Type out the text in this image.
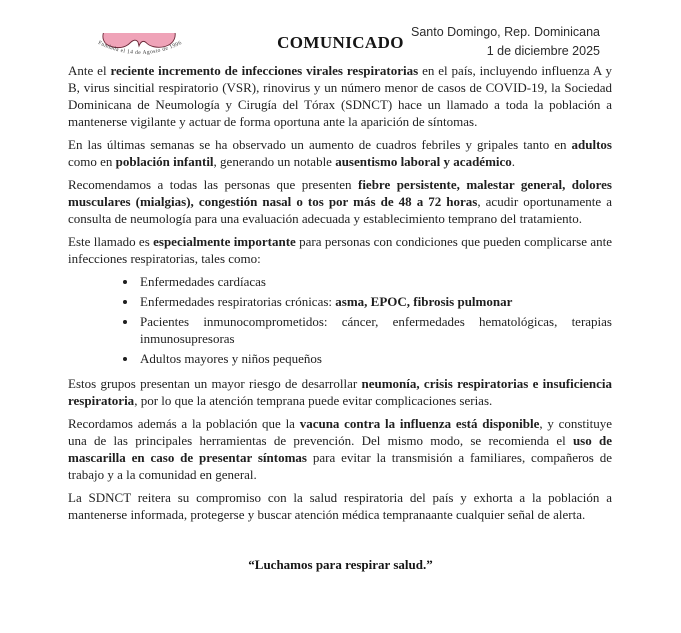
Fundada el 14 de Agosto de 1996
Santo Domingo, Rep. Dominicana
1 de diciembre 2025
COMUNICADO

Ante el reciente incremento de infecciones virales respiratorias en el país, incluyendo influenza A y B, virus sincitial respiratorio (VSR), rinovirus y un número menor de casos de COVID-19, la Sociedad Dominicana de Neumología y Cirugía del Tórax (SDNCT) hace un llamado a toda la población a mantenerse vigilante y actuar de forma oportuna ante la aparición de síntomas.

En las últimas semanas se ha observado un aumento de cuadros febriles y gripales tanto en adultos como en población infantil, generando un notable ausentismo laboral y académico.

Recomendamos a todas las personas que presenten fiebre persistente, malestar general, dolores musculares (mialgias), congestión nasal o tos por más de 48 a 72 horas, acudir oportunamente a consulta de neumología para una evaluación adecuada y establecimiento temprano del tratamiento.

Este llamado es especialmente importante para personas con condiciones que pueden complicarse ante infecciones respiratorias, tales como:

• Enfermedades cardíacas
• Enfermedades respiratorias crónicas: asma, EPOC, fibrosis pulmonar
• Pacientes inmunocomprometidos: cáncer, enfermedades hematológicas, terapias inmunosupresoras
• Adultos mayores y niños pequeños

Estos grupos presentan un mayor riesgo de desarrollar neumonía, crisis respiratorias e insuficiencia respiratoria, por lo que la atención temprana puede evitar complicaciones serias.

Recordamos además a la población que la vacuna contra la influenza está disponible, y constituye una de las principales herramientas de prevención. Del mismo modo, se recomienda el uso de mascarilla en caso de presentar síntomas para evitar la transmisión a familiares, compañeros de trabajo y a la comunidad en general.

La SDNCT reitera su compromiso con la salud respiratoria del país y exhorta a la población a mantenerse informada, protegerse y buscar atención médica tempranaante cualquier señal de alerta.

“Luchamos para respirar salud.”
